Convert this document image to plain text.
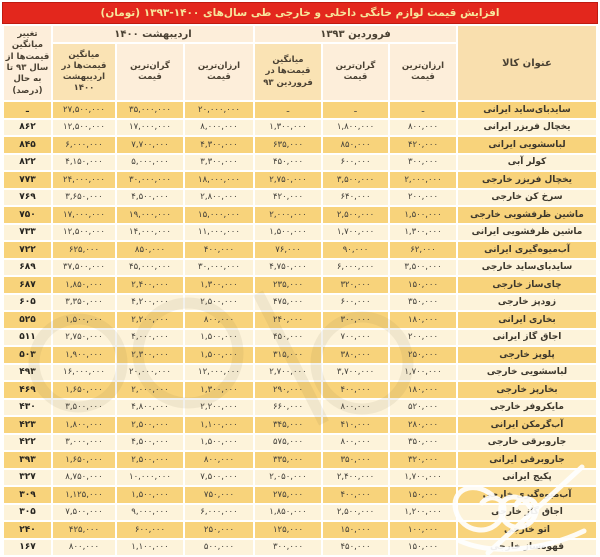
افزایش قیمت لوازم خانگی داخلی و خارجی طی سال‌های ۱۴۰۰-۱۳۹۳ (تومان)
عنوان کالا	فروردین ۱۳۹۳			اردیبهشت ۱۴۰۰			تغییر میانگین قیمت‌ها از سال ۹۳ تا به حال (درصد)
	ارزان‌ترین قیمت	گران‌ترین قیمت	میانگین قیمت‌ها در فروردین ۹۳	ارزان‌ترین قیمت	گران‌ترین قیمت	میانگین قیمت‌ها در اردیبهشت ۱۴۰۰	
ساید‌بای‌ساید ایرانی	ـ	ـ	ـ	۲۰,۰۰۰,۰۰۰	۳۵,۰۰۰,۰۰۰	۲۷,۵۰۰,۰۰۰	ـ
یخچال فریزر ایرانی	۸۰۰,۰۰۰	۱,۸۰۰,۰۰۰	۱,۳۰۰,۰۰۰	۸,۰۰۰,۰۰۰	۱۷,۰۰۰,۰۰۰	۱۲,۵۰۰,۰۰۰	۸۶۲
لباسشویی ایرانی	۴۲۰,۰۰۰	۸۵۰,۰۰۰	۶۳۵,۰۰۰	۴,۳۰۰,۰۰۰	۷,۷۰۰,۰۰۰	۶,۰۰۰,۰۰۰	۸۴۵
کولر آبی	۳۰۰,۰۰۰	۶۰۰,۰۰۰	۴۵۰,۰۰۰	۳,۳۰۰,۰۰۰	۵,۰۰۰,۰۰۰	۴,۱۵۰,۰۰۰	۸۲۲
یخچال فریزر خارجی	۲,۰۰۰,۰۰۰	۳,۵۰۰,۰۰۰	۲,۷۵۰,۰۰۰	۱۸,۰۰۰,۰۰۰	۳۰,۰۰۰,۰۰۰	۲۴,۰۰۰,۰۰۰	۷۷۳
سرخ کن خارجی	۲۰۰,۰۰۰	۶۴۰,۰۰۰	۴۲۰,۰۰۰	۲,۸۰۰,۰۰۰	۴,۵۰۰,۰۰۰	۳,۶۵۰,۰۰۰	۷۶۹
ماشین ظرفشویی خارجی	۱,۵۰۰,۰۰۰	۲,۵۰۰,۰۰۰	۲,۰۰۰,۰۰۰	۱۵,۰۰۰,۰۰۰	۱۹,۰۰۰,۰۰۰	۱۷,۰۰۰,۰۰۰	۷۵۰
ماشین ظرفشویی ایرانی	۱,۳۰۰,۰۰۰	۱,۷۰۰,۰۰۰	۱,۵۰۰,۰۰۰	۱۱,۰۰۰,۰۰۰	۱۴,۰۰۰,۰۰۰	۱۲,۵۰۰,۰۰۰	۷۳۳
آب‌میوه‌گیری ایرانی	۶۲,۰۰۰	۹۰,۰۰۰	۷۶,۰۰۰	۴۰۰,۰۰۰	۸۵۰,۰۰۰	۶۲۵,۰۰۰	۷۲۲
ساید‌بای‌ساید خارجی	۳,۵۰۰,۰۰۰	۶,۰۰۰,۰۰۰	۴,۷۵۰,۰۰۰	۳۰,۰۰۰,۰۰۰	۴۵,۰۰۰,۰۰۰	۳۷,۵۰۰,۰۰۰	۶۸۹
چای‌ساز خارجی	۱۵۰,۰۰۰	۳۲۰,۰۰۰	۲۳۵,۰۰۰	۱,۳۰۰,۰۰۰	۲,۴۰۰,۰۰۰	۱,۸۵۰,۰۰۰	۶۸۷
زودپز خارجی	۳۵۰,۰۰۰	۶۰۰,۰۰۰	۴۷۵,۰۰۰	۲,۵۰۰,۰۰۰	۴,۲۰۰,۰۰۰	۳,۳۵۰,۰۰۰	۶۰۵
بخاری ایرانی	۱۸۰,۰۰۰	۳۰۰,۰۰۰	۲۴۰,۰۰۰	۸۰۰,۰۰۰	۲,۲۰۰,۰۰۰	۱,۵۰۰,۰۰۰	۵۲۵
اجاق گاز ایرانی	۲۰۰,۰۰۰	۷۰۰,۰۰۰	۴۵۰,۰۰۰	۱,۵۰۰,۰۰۰	۴,۰۰۰,۰۰۰	۲,۷۵۰,۰۰۰	۵۱۱
پلوپز خارجی	۲۵۰,۰۰۰	۳۸۰,۰۰۰	۳۱۵,۰۰۰	۱,۵۰۰,۰۰۰	۲,۳۰۰,۰۰۰	۱,۹۰۰,۰۰۰	۵۰۳
لباسشویی خارجی	۱,۷۰۰,۰۰۰	۳,۷۰۰,۰۰۰	۲,۷۰۰,۰۰۰	۱۲,۰۰۰,۰۰۰	۲۰,۰۰۰,۰۰۰	۱۶,۰۰۰,۰۰۰	۴۹۳
بخارپز خارجی	۱۸۰,۰۰۰	۴۰۰,۰۰۰	۲۹۰,۰۰۰	۱,۳۰۰,۰۰۰	۲,۰۰۰,۰۰۰	۱,۶۵۰,۰۰۰	۴۶۹
مایکروفر خارجی	۵۲۰,۰۰۰	۸۰۰,۰۰۰	۶۶۰,۰۰۰	۲,۲۰۰,۰۰۰	۴,۸۰۰,۰۰۰	۳,۵۰۰,۰۰۰	۴۳۰
آب‌گرمکن ایرانی	۲۸۰,۰۰۰	۴۱۰,۰۰۰	۳۴۵,۰۰۰	۱,۱۰۰,۰۰۰	۲,۵۰۰,۰۰۰	۱,۸۰۰,۰۰۰	۴۲۳
جاروبرقی خارجی	۳۵۰,۰۰۰	۸۰۰,۰۰۰	۵۷۵,۰۰۰	۱,۵۰۰,۰۰۰	۴,۵۰۰,۰۰۰	۳,۰۰۰,۰۰۰	۴۲۲
جاروبرقی ایرانی	۳۲۰,۰۰۰	۳۵۰,۰۰۰	۳۳۵,۰۰۰	۸۰۰,۰۰۰	۲,۵۰۰,۰۰۰	۱,۶۵۰,۰۰۰	۳۹۳
پکیج ایرانی	۱,۷۰۰,۰۰۰	۲,۴۰۰,۰۰۰	۲,۰۵۰,۰۰۰	۷,۵۰۰,۰۰۰	۱۰,۰۰۰,۰۰۰	۸,۷۵۰,۰۰۰	۳۲۷
آب‌میوه‌گیری خارجی	۱۵۰,۰۰۰	۴۰۰,۰۰۰	۲۷۵,۰۰۰	۷۵۰,۰۰۰	۱,۵۰۰,۰۰۰	۱,۱۲۵,۰۰۰	۳۰۹
اجاق گاز خارجی	۱,۲۰۰,۰۰۰	۲,۵۰۰,۰۰۰	۱,۸۵۰,۰۰۰	۶,۰۰۰,۰۰۰	۹,۰۰۰,۰۰۰	۷,۵۰۰,۰۰۰	۳۰۵
اتو خارجی	۱۰۰,۰۰۰	۱۵۰,۰۰۰	۱۲۵,۰۰۰	۲۵۰,۰۰۰	۶۰۰,۰۰۰	۴۲۵,۰۰۰	۲۴۰
قهوه‌ساز خارجی	۱۵۰,۰۰۰	۴۵۰,۰۰۰	۳۰۰,۰۰۰	۵۰۰,۰۰۰	۱,۱۰۰,۰۰۰	۸۰۰,۰۰۰	۱۶۷
